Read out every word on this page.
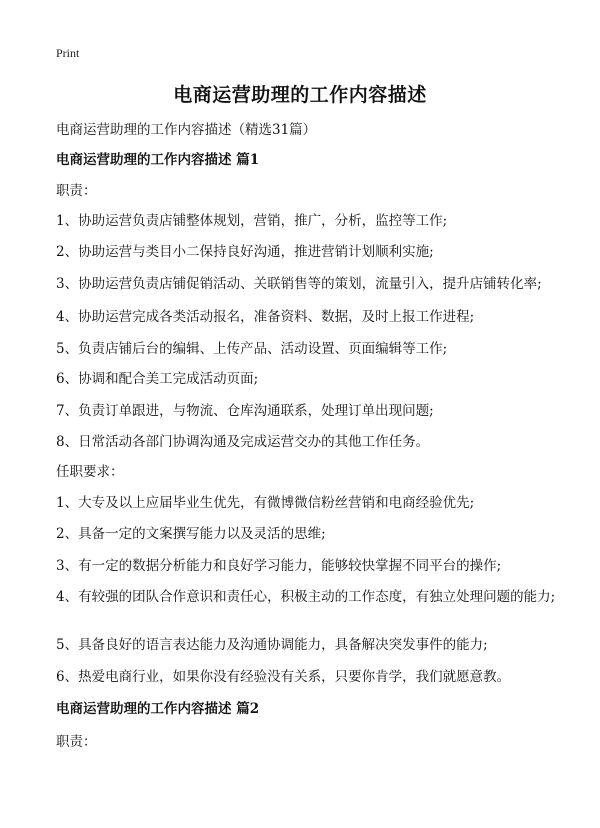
Print
电商运营助理的工作内容描述
电商运营助理的工作内容描述（精选31篇）
电商运营助理的工作内容描述 篇1
职责：
1、协助运营负责店铺整体规划，营销，推广，分析，监控等工作;
2、协助运营与类目小二保持良好沟通，推进营销计划顺利实施;
3、协助运营负责店铺促销活动、关联销售等的策划，流量引入，提升店铺转化率;
4、协助运营完成各类活动报名，准备资料、数据，及时上报工作进程;
5、负责店铺后台的编辑、上传产品、活动设置、页面编辑等工作;
6、协调和配合美工完成活动页面;
7、负责订单跟进，与物流、仓库沟通联系，处理订单出现问题;
8、日常活动各部门协调沟通及完成运营交办的其他工作任务。
任职要求：
1、大专及以上应届毕业生优先，有微博微信粉丝营销和电商经验优先;
2、具备一定的文案撰写能力以及灵活的思维;
3、有一定的数据分析能力和良好学习能力，能够较快掌握不同平台的操作;
4、有较强的团队合作意识和责任心，积极主动的工作态度，有独立处理问题的能力;
5、具备良好的语言表达能力及沟通协调能力，具备解决突发事件的能力;
6、热爱电商行业，如果你没有经验没有关系，只要你肯学，我们就愿意教。
电商运营助理的工作内容描述 篇2
职责：
